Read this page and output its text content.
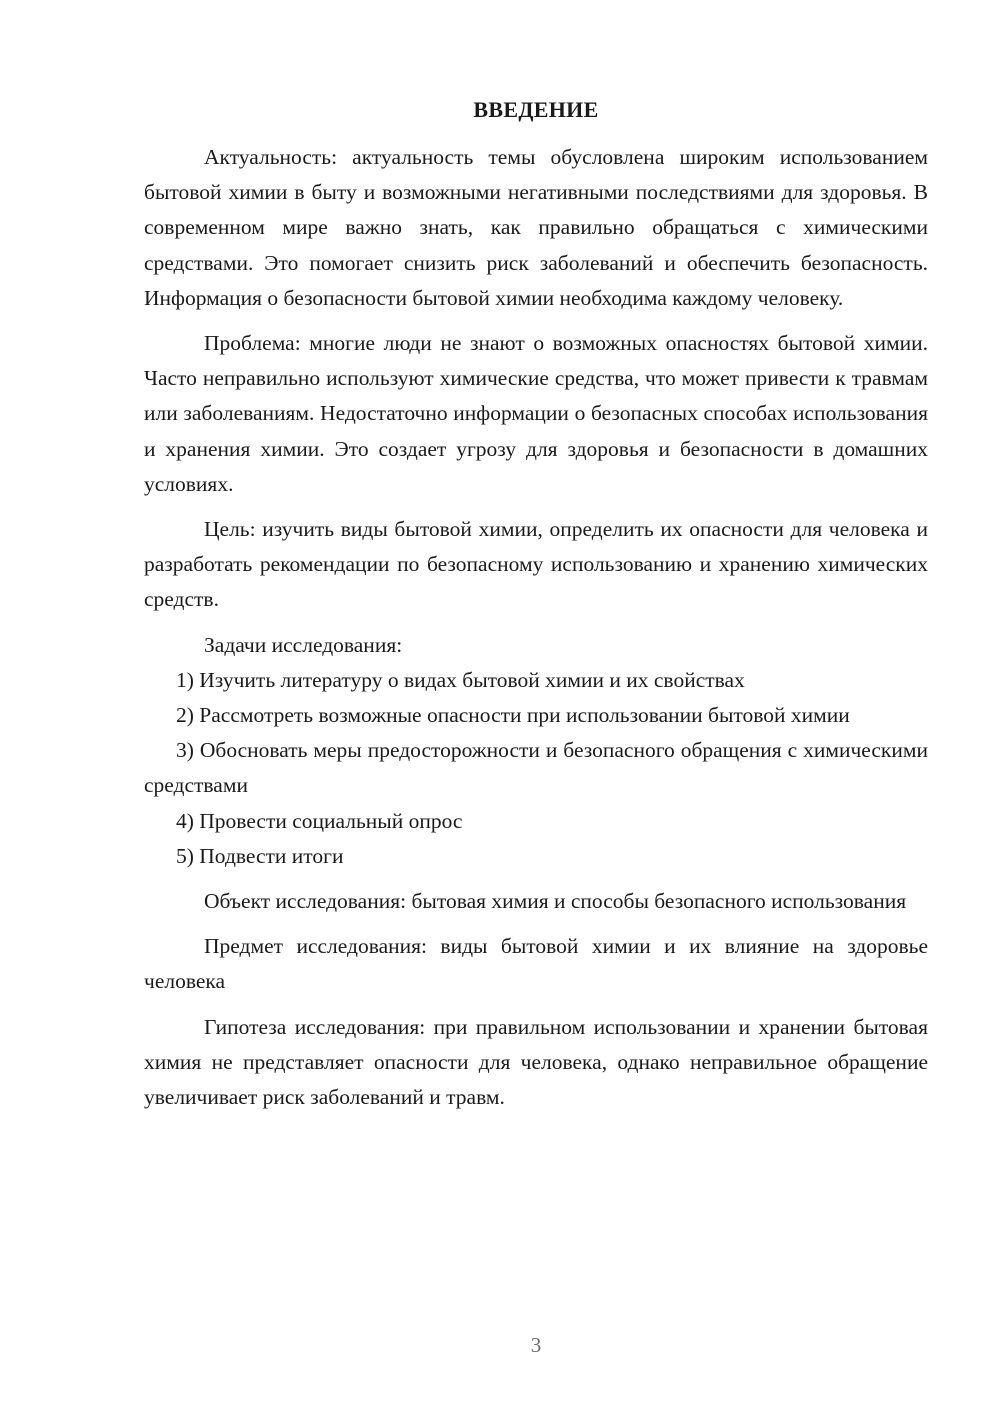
ВВЕДЕНИЕ

Актуальность: актуальность темы обусловлена широким использованием бытовой химии в быту и возможными негативными последствиями для здоровья. В современном мире важно знать, как правильно обращаться с химическими средствами. Это помогает снизить риск заболеваний и обеспечить безопасность. Информация о безопасности бытовой химии необходима каждому человеку.

Проблема: многие люди не знают о возможных опасностях бытовой химии. Часто неправильно используют химические средства, что может привести к травмам или заболеваниям. Недостаточно информации о безопасных способах использования и хранения химии. Это создает угрозу для здоровья и безопасности в домашних условиях.

Цель: изучить виды бытовой химии, определить их опасности для человека и разработать рекомендации по безопасному использованию и хранению химических средств.

Задачи исследования:

1) Изучить литературу о видах бытовой химии и их свойствах

2) Рассмотреть возможные опасности при использовании бытовой химии

3) Обосновать меры предосторожности и безопасного обращения с химическими средствами

4) Провести социальный опрос

5) Подвести итоги

Объект исследования: бытовая химия и способы безопасного использования

Предмет исследования: виды бытовой химии и их влияние на здоровье человека

Гипотеза исследования: при правильном использовании и хранении бытовая химия не представляет опасности для человека, однако неправильное обращение увеличивает риск заболеваний и травм.

3
